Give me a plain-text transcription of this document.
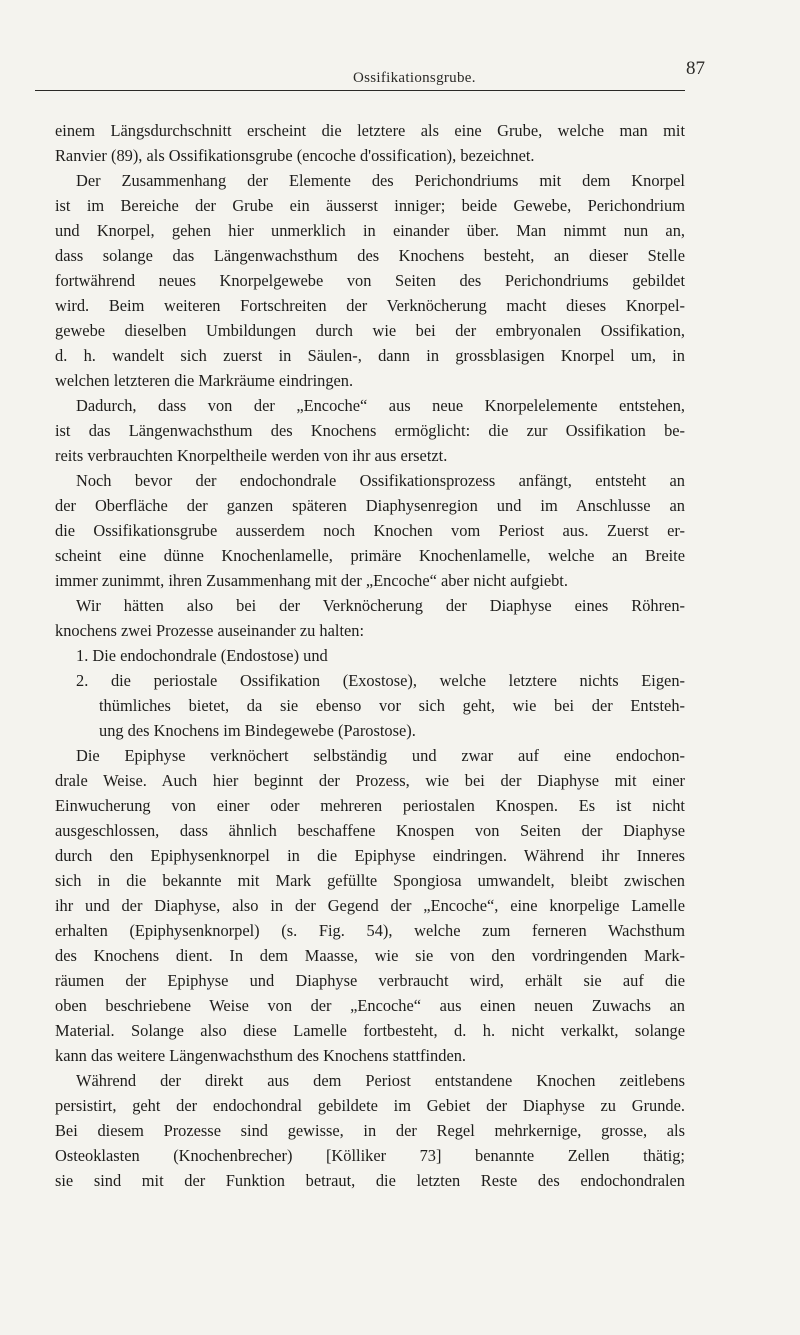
Ossifikationsgrube.	87
einem Längsdurchschnitt erscheint die letztere als eine Grube, welche man mit
Ranvier (89), als Ossifikationsgrube (encoche d'ossification), bezeichnet.
Der Zusammenhang der Elemente des Perichondriums mit dem Knorpel
ist im Bereiche der Grube ein äusserst inniger; beide Gewebe, Perichondrium
und Knorpel, gehen hier unmerklich in einander über. Man nimmt nun an,
dass solange das Längenwachsthum des Knochens besteht, an dieser Stelle
fortwährend neues Knorpelgewebe von Seiten des Perichondriums gebildet
wird. Beim weiteren Fortschreiten der Verknöcherung macht dieses Knorpel-
gewebe dieselben Umbildungen durch wie bei der embryonalen Ossifikation,
d. h. wandelt sich zuerst in Säulen-, dann in grossblasigen Knorpel um, in
welchen letzteren die Markräume eindringen.
Dadurch, dass von der „Encoche“ aus neue Knorpelelemente entstehen,
ist das Längenwachsthum des Knochens ermöglicht: die zur Ossifikation be-
reits verbrauchten Knorpeltheile werden von ihr aus ersetzt.
Noch bevor der endochondrale Ossifikationsprozess anfängt, entsteht an
der Oberfläche der ganzen späteren Diaphysenregion und im Anschlusse an
die Ossifikationsgrube ausserdem noch Knochen vom Periost aus. Zuerst er-
scheint eine dünne Knochenlamelle, primäre Knochenlamelle, welche an Breite
immer zunimmt, ihren Zusammenhang mit der „Encoche“ aber nicht aufgiebt.
Wir hätten also bei der Verknöcherung der Diaphyse eines Röhren-
knochens zwei Prozesse auseinander zu halten:
1. Die endochondrale (Endostose) und
2. die periostale Ossifikation (Exostose), welche letztere nichts Eigen-
thümliches bietet, da sie ebenso vor sich geht, wie bei der Entsteh-
ung des Knochens im Bindegewebe (Parostose).
Die Epiphyse verknöchert selbständig und zwar auf eine endochon-
drale Weise. Auch hier beginnt der Prozess, wie bei der Diaphyse mit einer
Einwucherung von einer oder mehreren periostalen Knospen. Es ist nicht
ausgeschlossen, dass ähnlich beschaffene Knospen von Seiten der Diaphyse
durch den Epiphysenknorpel in die Epiphyse eindringen. Während ihr Inneres
sich in die bekannte mit Mark gefüllte Spongiosa umwandelt, bleibt zwischen
ihr und der Diaphyse, also in der Gegend der „Encoche“, eine knorpelige Lamelle
erhalten (Epiphysenknorpel) (s. Fig. 54), welche zum ferneren Wachsthum
des Knochens dient. In dem Maasse, wie sie von den vordringenden Mark-
räumen der Epiphyse und Diaphyse verbraucht wird, erhält sie auf die
oben beschriebene Weise von der „Encoche“ aus einen neuen Zuwachs an
Material. Solange also diese Lamelle fortbesteht, d. h. nicht verkalkt, solange
kann das weitere Längenwachsthum des Knochens stattfinden.
Während der direkt aus dem Periost entstandene Knochen zeitlebens
persistirt, geht der endochondral gebildete im Gebiet der Diaphyse zu Grunde.
Bei diesem Prozesse sind gewisse, in der Regel mehrkernige, grosse, als
Osteoklasten (Knochenbrecher) [Kölliker 73] benannte Zellen thätig;
sie sind mit der Funktion betraut, die letzten Reste des endochondralen
